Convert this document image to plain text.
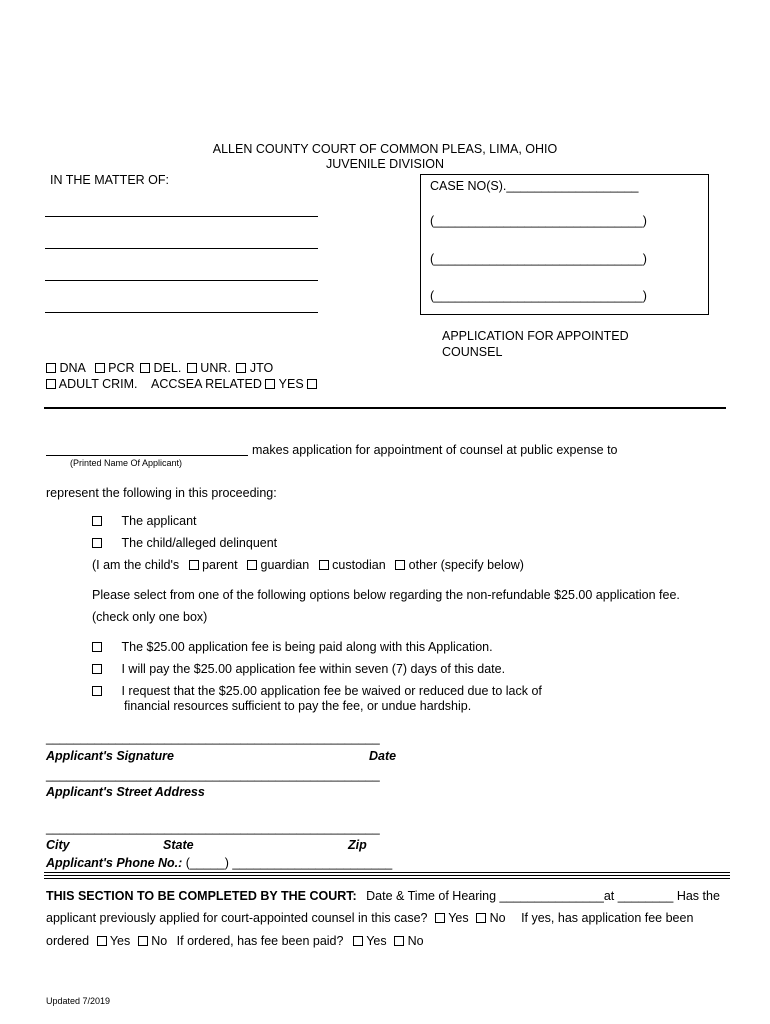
ALLEN COUNTY COURT OF COMMON PLEAS, LIMA, OHIO
JUVENILE DIVISION
IN THE MATTER OF:	CASE NO(S).___________________
(______________________________)
(______________________________)
(______________________________)
APPLICATION FOR APPOINTED
COUNSEL
DNA PCR DEL. UNR. JTO
ADULT CRIM. ACCSEA RELATED YES
makes application for appointment of counsel at public expense to
(Printed Name Of Applicant)
represent the following in this proceeding:
The applicant
The child/alleged delinquent
(I am the child's parent guardian custodian other (specify below)
Please select from one of the following options below regarding the non-refundable $25.00 application fee.
(check only one box)
The $25.00 application fee is being paid along with this Application.
I will pay the $25.00 application fee within seven (7) days of this date.
I request that the $25.00 application fee be waived or reduced due to lack of
financial resources sufficient to pay the fee, or undue hardship.
________________________________________________
Applicant's Signature	Date
________________________________________________
Applicant's Street Address
________________________________________________
City	State	Zip
Applicant's Phone No.: (_____) _______________________
THIS SECTION TO BE COMPLETED BY THE COURT: Date & Time of Hearing _______________at ________ Has the
applicant previously applied for court-appointed counsel in this case? Yes No If yes, has application fee been
ordered Yes No If ordered, has fee been paid? Yes No
Updated 7/2019
